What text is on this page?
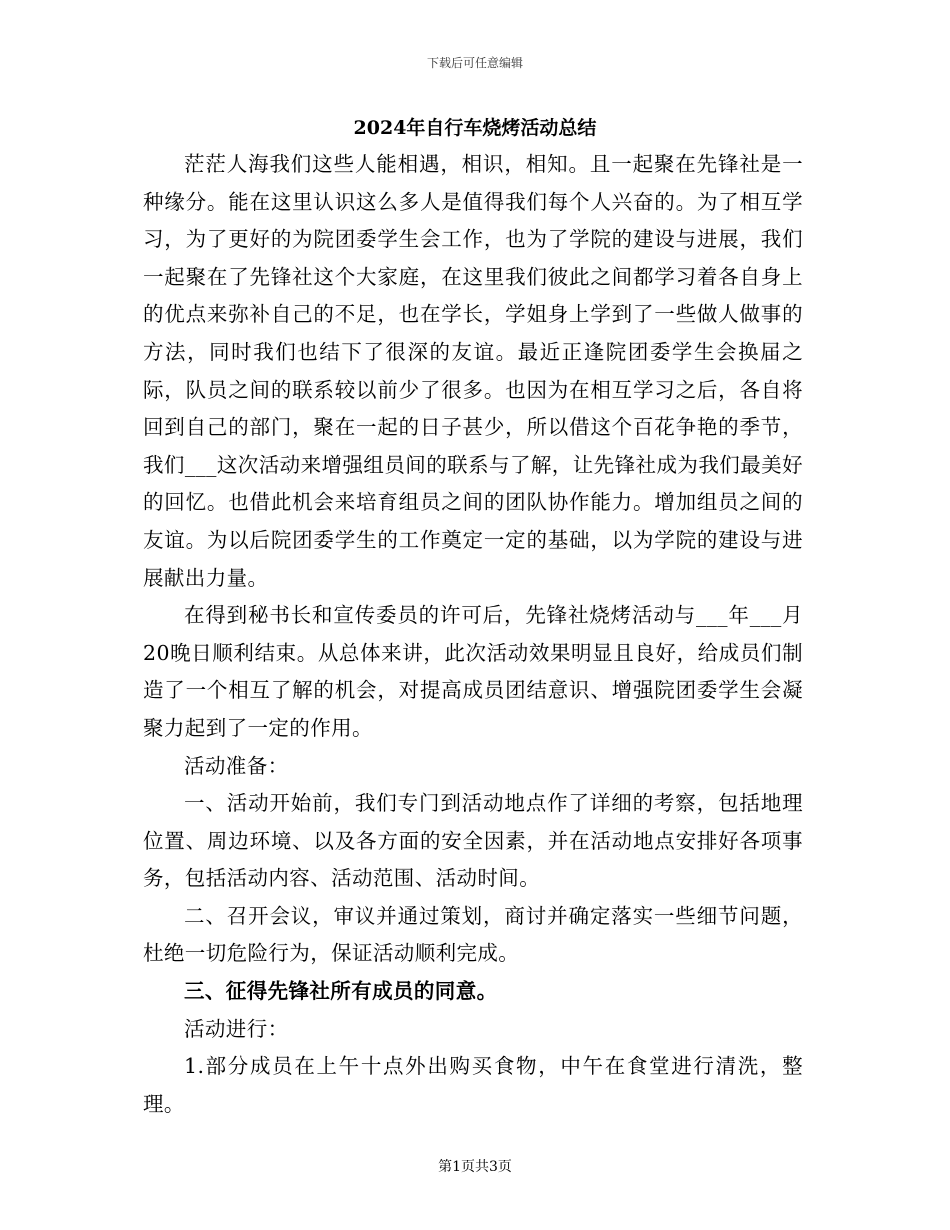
下载后可任意编辑
2024年自行车烧烤活动总结

茫茫人海我们这些人能相遇，相识，相知。且一起聚在先锋社是一种缘分。能在这里认识这么多人是值得我们每个人兴奋的。为了相互学习，为了更好的为院团委学生会工作，也为了学院的建设与进展，我们一起聚在了先锋社这个大家庭，在这里我们彼此之间都学习着各自身上的优点来弥补自己的不足，也在学长，学姐身上学到了一些做人做事的方法，同时我们也结下了很深的友谊。最近正逢院团委学生会换届之际，队员之间的联系较以前少了很多。也因为在相互学习之后，各自将回到自己的部门，聚在一起的日子甚少，所以借这个百花争艳的季节，我们___这次活动来增强组员间的联系与了解，让先锋社成为我们最美好的回忆。也借此机会来培育组员之间的团队协作能力。增加组员之间的友谊。为以后院团委学生的工作奠定一定的基础，以为学院的建设与进展献出力量。

在得到秘书长和宣传委员的许可后，先锋社烧烤活动与___年___月20晚日顺利结束。从总体来讲，此次活动效果明显且良好，给成员们制造了一个相互了解的机会，对提高成员团结意识、增强院团委学生会凝聚力起到了一定的作用。

活动准备：

一、活动开始前，我们专门到活动地点作了详细的考察，包括地理位置、周边环境、以及各方面的安全因素，并在活动地点安排好各项事务，包括活动内容、活动范围、活动时间。

二、召开会议，审议并通过策划，商讨并确定落实一些细节问题，杜绝一切危险行为，保证活动顺利完成。

三、征得先锋社所有成员的同意。

活动进行：

1.部分成员在上午十点外出购买食物，中午在食堂进行清洗，整理。

第1页共3页
